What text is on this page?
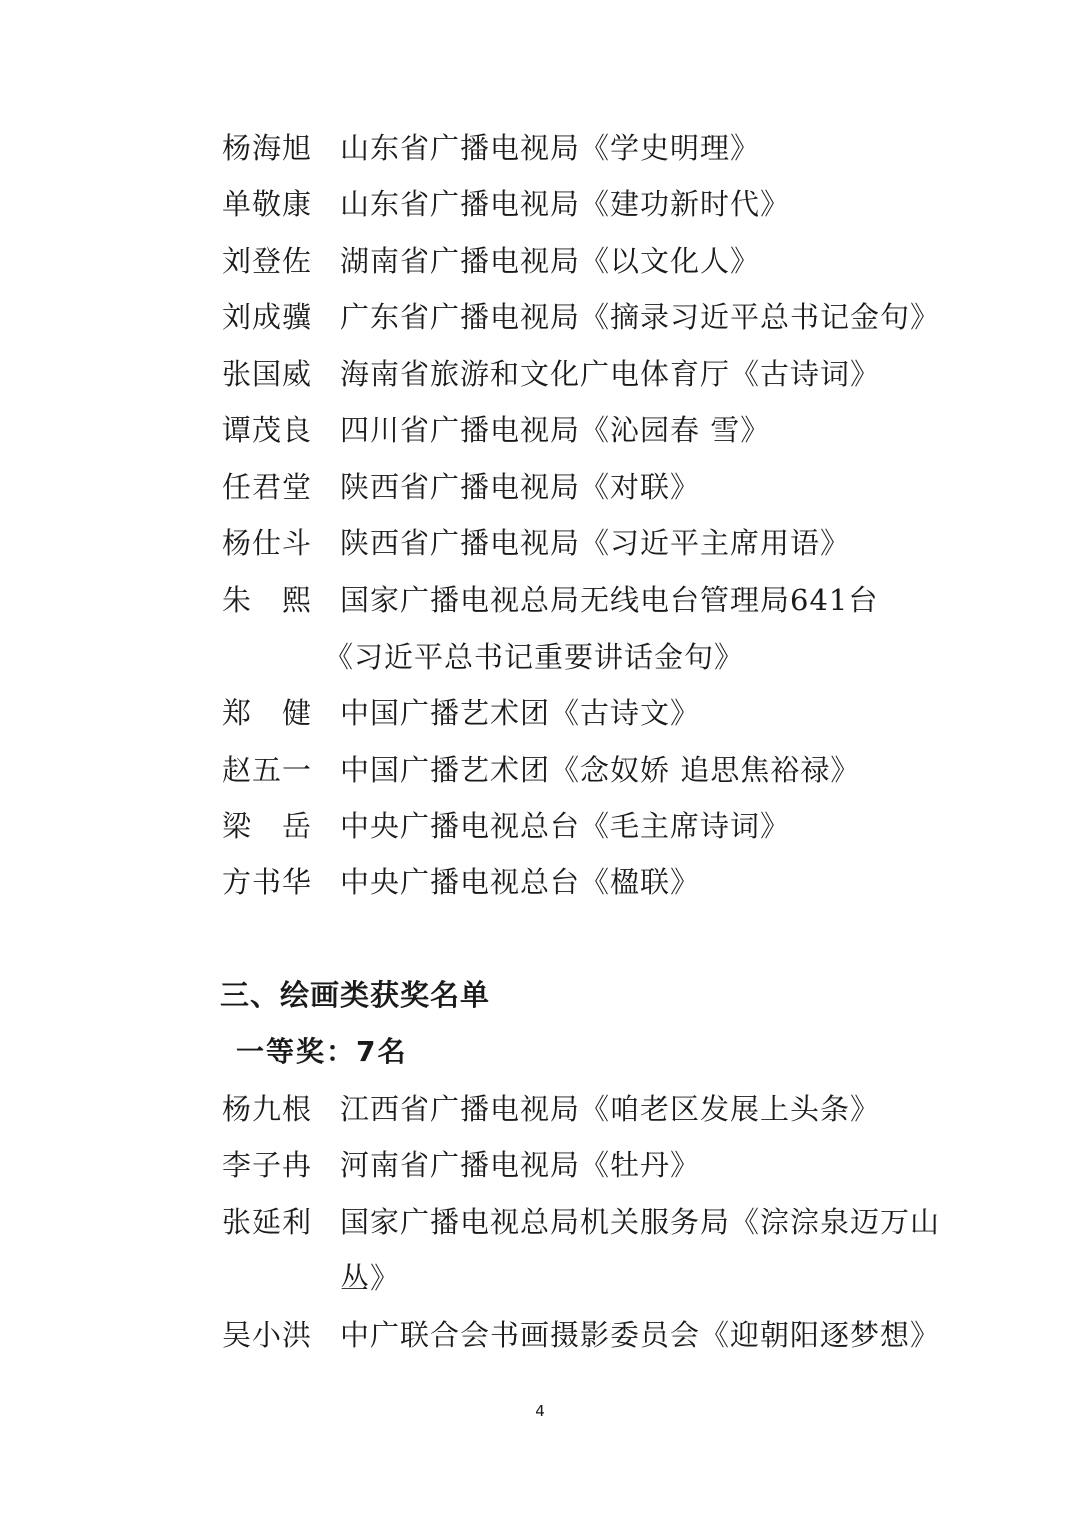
杨海旭 山东省广播电视局《学史明理》
单敬康 山东省广播电视局《建功新时代》
刘登佐 湖南省广播电视局《以文化人》
刘成骥 广东省广播电视局《摘录习近平总书记金句》
张国威 海南省旅游和文化广电体育厅《古诗词》
谭茂良 四川省广播电视局《沁园春 雪》
任君堂 陕西省广播电视局《对联》
杨仕斗 陕西省广播电视局《习近平主席用语》
朱 熙 国家广播电视总局无线电台管理局641台
《习近平总书记重要讲话金句》
郑 健 中国广播艺术团《古诗文》
赵五一 中国广播艺术团《念奴娇 追思焦裕禄》
梁 岳 中央广播电视总台《毛主席诗词》
方书华 中央广播电视总台《楹联》
三、绘画类获奖名单
一等奖：7名
杨九根 江西省广播电视局《咱老区发展上头条》
李子冉 河南省广播电视局《牡丹》
张延利 国家广播电视总局机关服务局《淙淙泉迈万山
丛》
吴小洪 中广联合会书画摄影委员会《迎朝阳逐梦想》
4
